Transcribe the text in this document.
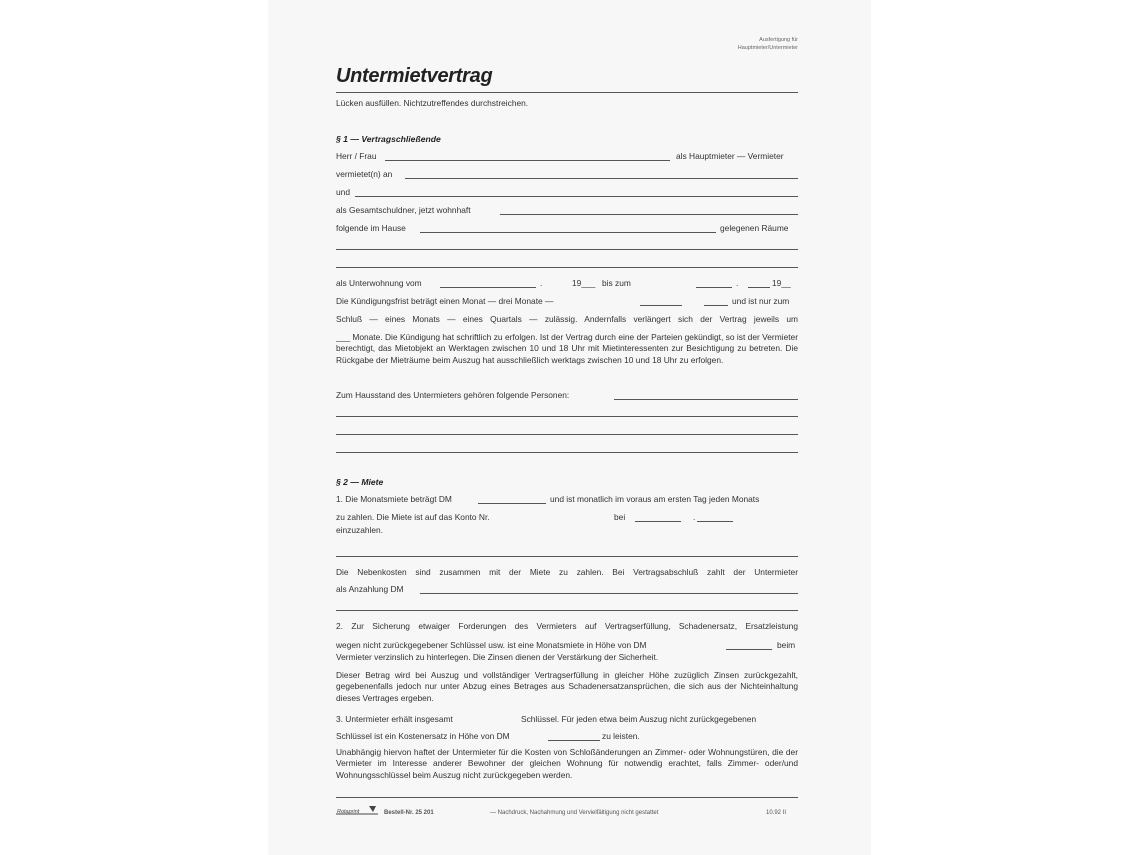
Ausfertigung für
Hauptmieter/Untermieter
Untermietvertrag
Lücken ausfüllen. Nichtzutreffendes durchstreichen.
§ 1 — Vertragschließende
Herr / Frau	als Hauptmieter — Vermieter
vermietet(n) an
und
als Gesamtschuldner, jetzt wohnhaft
folgende im Hause	gelegenen Räume
als Unterwohnung vom	.	19___ bis zum	.	19__
Die Kündigungsfrist beträgt einen Monat — drei Monate —	und ist nur zum
Schluß — eines Monats — eines Quartals — zulässig. Andernfalls verlängert sich der Vertrag jeweils um
___ Monate. Die Kündigung hat schriftlich zu erfolgen. Ist der Vertrag durch eine der Parteien gekündigt, so ist der Vermieter berechtigt, das Mietobjekt an Werktagen zwischen 10 und 18 Uhr mit Mietinteressenten zur Besichtigung zu betreten. Die Rückgabe der Mieträume beim Auszug hat ausschließlich werktags zwischen 10 und 18 Uhr zu erfolgen.
Zum Hausstand des Untermieters gehören folgende Personen:
§ 2 — Miete
1. Die Monatsmiete beträgt DM	und ist monatlich im voraus am ersten Tag jeden Monats
zu zahlen. Die Miete ist auf das Konto Nr.	bei	.
einzuzahlen.
Die Nebenkosten sind zusammen mit der Miete zu zahlen. Bei Vertragsabschluß zahlt der Untermieter
als Anzahlung DM
2. Zur Sicherung etwaiger Forderungen des Vermieters auf Vertragserfüllung, Schadenersatz, Ersatzleistung
wegen nicht zurückgegebener Schlüssel usw. ist eine Monatsmiete in Höhe von DM	beim
Vermieter verzinslich zu hinterlegen. Die Zinsen dienen der Verstärkung der Sicherheit.
Dieser Betrag wird bei Auszug und vollständiger Vertragserfüllung in gleicher Höhe zuzüglich Zinsen zurückgezahlt, gegebenenfalls jedoch nur unter Abzug eines Betrages aus Schadenersatzansprüchen, die sich aus der Nichteinhaltung dieses Vertrages ergeben.
3. Untermieter erhält insgesamt	Schlüssel. Für jeden etwa beim Auszug nicht zurückgegebenen
Schlüssel ist ein Kostenersatz in Höhe von DM	zu leisten.
Unabhängig hiervon haftet der Untermieter für die Kosten von Schloßänderungen an Zimmer- oder Wohnungstüren, die der Vermieter im Interesse anderer Bewohner der gleichen Wohnung für notwendig erachtet, falls Zimmer- oder/und Wohnungsschlüssel beim Auszug nicht zurückgegeben werden.
Rotaprint	Bestell-Nr. 25 201	— Nachdruck, Nachahmung und Vervielfältigung nicht gestattet	10.92 II
